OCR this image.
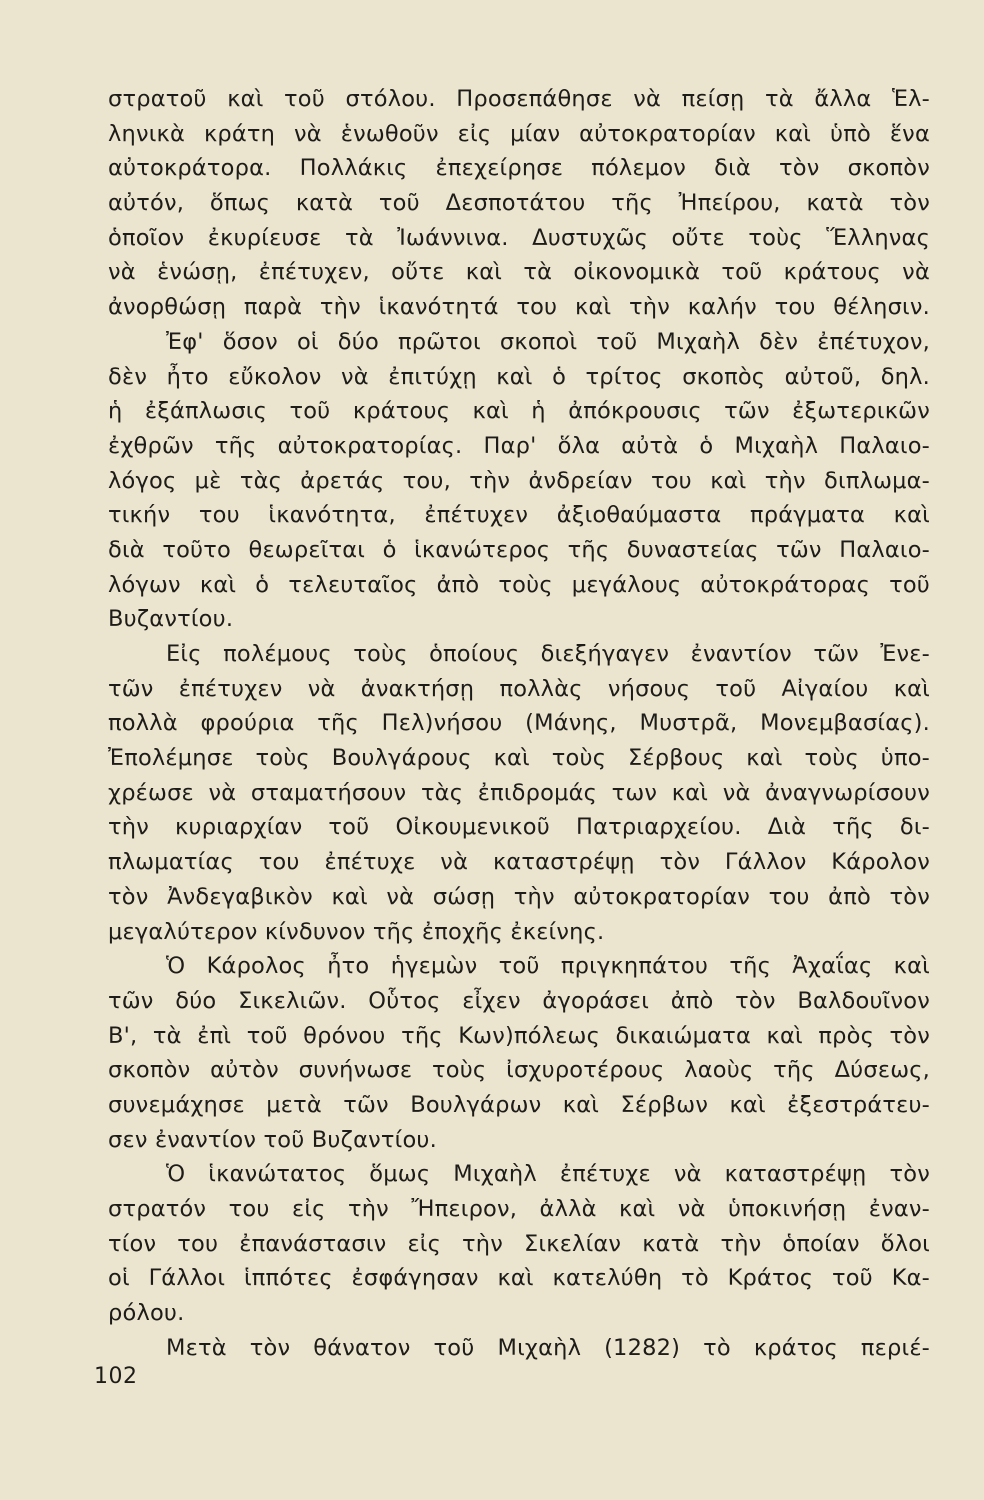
στρατοῦ καὶ τοῦ στόλου. Προσεπάθησε νὰ πείσῃ τὰ ἄλλα Ἑλ-
ληνικὰ κράτη νὰ ἑνωθοῦν εἰς μίαν αὐτοκρατορίαν καὶ ὑπὸ ἕνα
αὐτοκράτορα. Πολλάκις ἐπεχείρησε πόλεμον διὰ τὸν σκοπὸν
αὐτόν, ὅπως κατὰ τοῦ Δεσποτάτου τῆς Ἠπείρου, κατὰ τὸν
ὁποῖον ἐκυρίευσε τὰ Ἰωάννινα. Δυστυχῶς οὔτε τοὺς Ἕλληνας
νὰ ἑνώσῃ, ἐπέτυχεν, οὔτε καὶ τὰ οἰκονομικὰ τοῦ κράτους νὰ
ἀνορθώσῃ παρὰ τὴν ἱκανότητά του καὶ τὴν καλήν του θέλησιν.
Ἐφ' ὅσον οἱ δύο πρῶτοι σκοποὶ τοῦ Μιχαὴλ δὲν ἐπέτυχον,
δὲν ἦτο εὔκολον νὰ ἐπιτύχῃ καὶ ὁ τρίτος σκοπὸς αὐτοῦ, δηλ.
ἡ ἐξάπλωσις τοῦ κράτους καὶ ἡ ἀπόκρουσις τῶν ἐξωτερικῶν
ἐχθρῶν τῆς αὐτοκρατορίας. Παρ' ὅλα αὐτὰ ὁ Μιχαὴλ Παλαιο-
λόγος μὲ τὰς ἀρετάς του, τὴν ἀνδρείαν του καὶ τὴν διπλωμα-
τικήν του ἱκανότητα, ἐπέτυχεν ἀξιοθαύμαστα πράγματα καὶ
διὰ τοῦτο θεωρεῖται ὁ ἱκανώτερος τῆς δυναστείας τῶν Παλαιο-
λόγων καὶ ὁ τελευταῖος ἀπὸ τοὺς μεγάλους αὐτοκράτορας τοῦ
Βυζαντίου.
Εἰς πολέμους τοὺς ὁποίους διεξήγαγεν ἐναντίον τῶν Ἐνε-
τῶν ἐπέτυχεν νὰ ἀνακτήσῃ πολλὰς νήσους τοῦ Αἰγαίου καὶ
πολλὰ φρούρια τῆς Πελ)νήσου (Μάνης, Μυστρᾶ, Μονεμβασίας).
Ἐπολέμησε τοὺς Βουλγάρους καὶ τοὺς Σέρβους καὶ τοὺς ὑπο-
χρέωσε νὰ σταματήσουν τὰς ἐπιδρομάς των καὶ νὰ ἀναγνωρίσουν
τὴν κυριαρχίαν τοῦ Οἰκουμενικοῦ Πατριαρχείου. Διὰ τῆς δι-
πλωματίας του ἐπέτυχε νὰ καταστρέψῃ τὸν Γάλλον Κάρολον
τὸν Ἀνδεγαβικὸν καὶ νὰ σώσῃ τὴν αὐτοκρατορίαν του ἀπὸ τὸν
μεγαλύτερον κίνδυνον τῆς ἐποχῆς ἐκείνης.
Ὁ Κάρολος ἦτο ἡγεμὼν τοῦ πριγκηπάτου τῆς Ἀχαΐας καὶ
τῶν δύο Σικελιῶν. Οὗτος εἶχεν ἀγοράσει ἀπὸ τὸν Βαλδουῖνον
Β', τὰ ἐπὶ τοῦ θρόνου τῆς Κων)πόλεως δικαιώματα καὶ πρὸς τὸν
σκοπὸν αὐτὸν συνήνωσε τοὺς ἰσχυροτέρους λαοὺς τῆς Δύσεως,
συνεμάχησε μετὰ τῶν Βουλγάρων καὶ Σέρβων καὶ ἐξεστράτευ-
σεν ἐναντίον τοῦ Βυζαντίου.
Ὁ ἱκανώτατος ὅμως Μιχαὴλ ἐπέτυχε νὰ καταστρέψῃ τὸν
στρατόν του εἰς τὴν Ἤπειρον, ἀλλὰ καὶ νὰ ὑποκινήσῃ ἐναν-
τίον του ἐπανάστασιν εἰς τὴν Σικελίαν κατὰ τὴν ὁποίαν ὅλοι
οἱ Γάλλοι ἱππότες ἐσφάγησαν καὶ κατελύθη τὸ Κράτος τοῦ Κα-
ρόλου.
Μετὰ τὸν θάνατον τοῦ Μιχαὴλ (1282) τὸ κράτος περιέ-
102
